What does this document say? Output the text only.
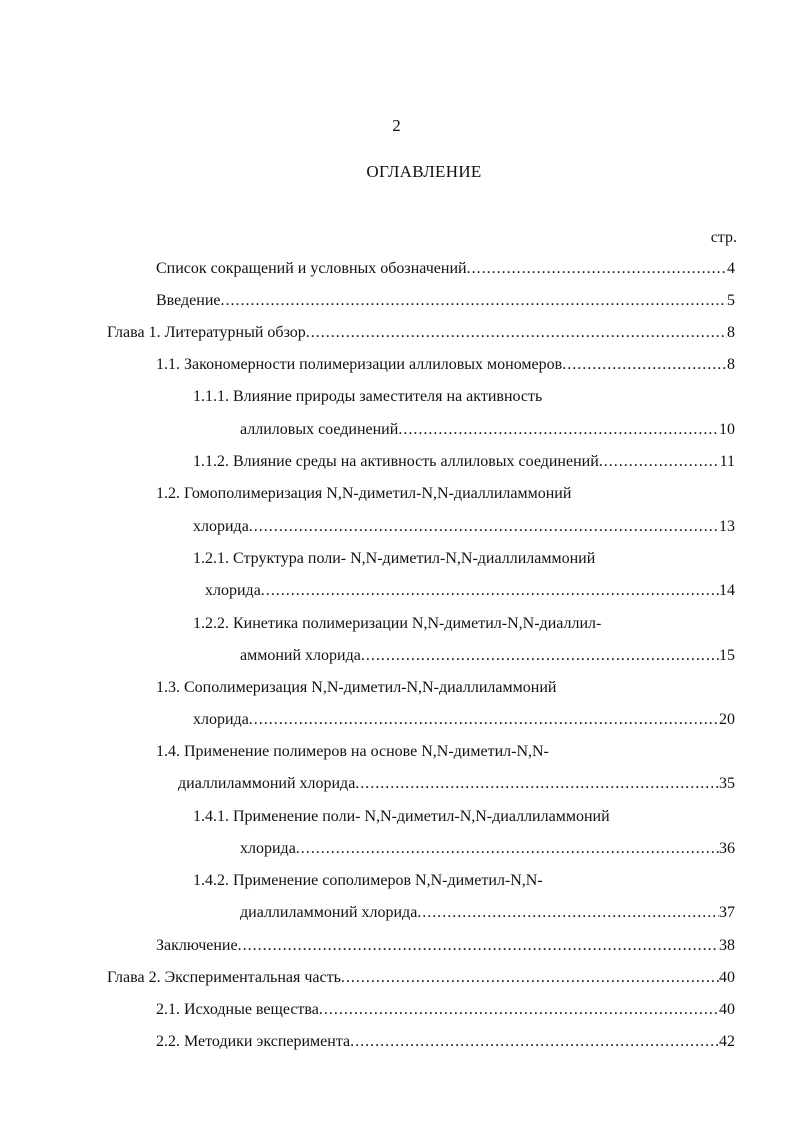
2
ОГЛАВЛЕНИЕ
стр.
Список сокращений и условных обозначений .....	4
Введение .....	5
Глава 1. Литературный обзор .....	8
1.1. Закономерности полимеризации аллиловых мономеров .....	8
1.1.1. Влияние природы заместителя на активность
аллиловых соединений .....	10
1.1.2. Влияние среды на активность аллиловых соединений .....	11
1.2. Гомополимеризация N,N-диметил-N,N-диаллиламмоний
хлорида .....	13
1.2.1. Структура поли- N,N-диметил-N,N-диаллиламмоний
хлорида .....	14
1.2.2. Кинетика полимеризации N,N-диметил-N,N-диаллил-
аммоний хлорида .....	15
1.3. Сополимеризация N,N-диметил-N,N-диаллиламмоний
хлорида .....	20
1.4. Применение полимеров на основе N,N-диметил-N,N-
диаллиламмоний хлорида .....	35
1.4.1. Применение поли- N,N-диметил-N,N-диаллиламмоний
хлорида .....	36
1.4.2. Применение сополимеров N,N-диметил-N,N-
диаллиламмоний хлорида .....	37
Заключение .....	38
Глава 2. Экспериментальная часть .....	40
2.1. Исходные вещества .....	40
2.2. Методики эксперимента .....	42
